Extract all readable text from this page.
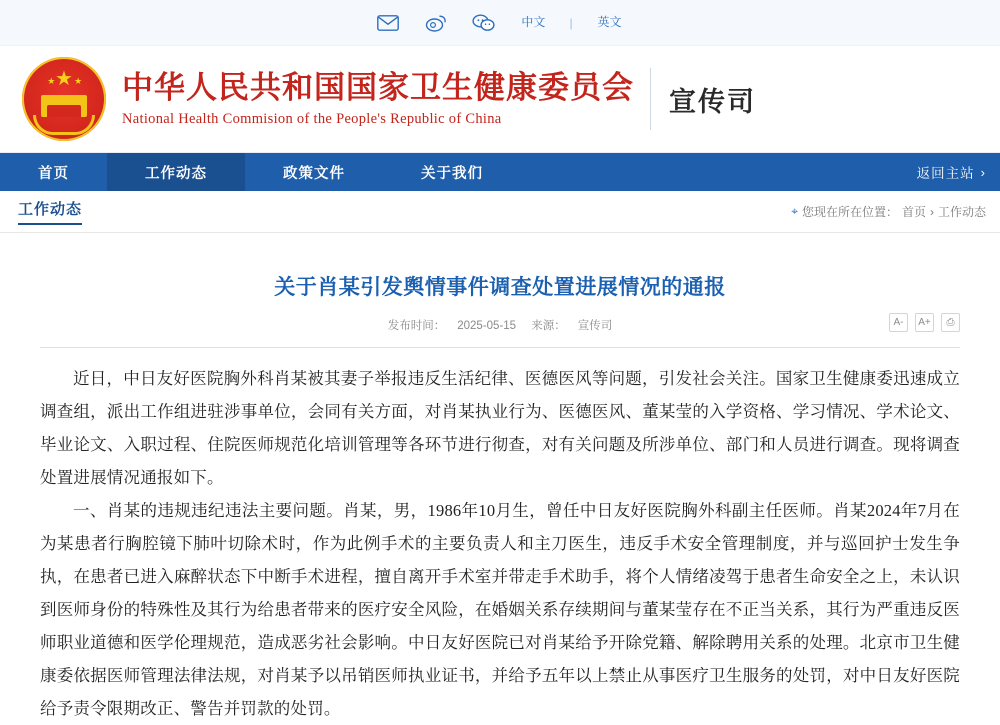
中文 | 英文
★
★ ★ 中华人民共和国国家卫生健康委员会
National Health Commision of the People's Republic of China
宣传司
首页	工作动态	政策文件	关于我们	返回主站 ›
工作动态	⌖ 您现在所在位置： 首页 › 工作动态
关于肖某引发舆情事件调查处置进展情况的通报
发布时间： 2025-05-15 来源： 宣传司	A-	A+	⎙

近日，中日友好医院胸外科肖某被其妻子举报违反生活纪律、医德医风等问题，引发社会关注。国家卫生健康委迅速成立调查组，派出工作组进驻涉事单位，会同有关方面，对肖某执业行为、医德医风、董某莹的入学资格、学习情况、学术论文、毕业论文、入职过程、住院医师规范化培训管理等各环节进行彻查，对有关问题及所涉单位、部门和人员进行调查。现将调查处置进展情况通报如下。

一、肖某的违规违纪违法主要问题。肖某，男，1986年10月生，曾任中日友好医院胸外科副主任医师。肖某2024年7月在为某患者行胸腔镜下肺叶切除术时，作为此例手术的主要负责人和主刀医生，违反手术安全管理制度，并与巡回护士发生争执，在患者已进入麻醉状态下中断手术进程，擅自离开手术室并带走手术助手，将个人情绪凌驾于患者生命安全之上，未认识到医师身份的特殊性及其行为给患者带来的医疗安全风险，在婚姻关系存续期间与董某莹存在不正当关系，其行为严重违反医师职业道德和医学伦理规范，造成恶劣社会影响。中日友好医院已对肖某给予开除党籍、解除聘用关系的处理。北京市卫生健康委依据医师管理法律法规，对肖某予以吊销医师执业证书，并给予五年以上禁止从事医疗卫生服务的处罚，对中日友好医院给予责令限期改正、警告并罚款的处罚。
